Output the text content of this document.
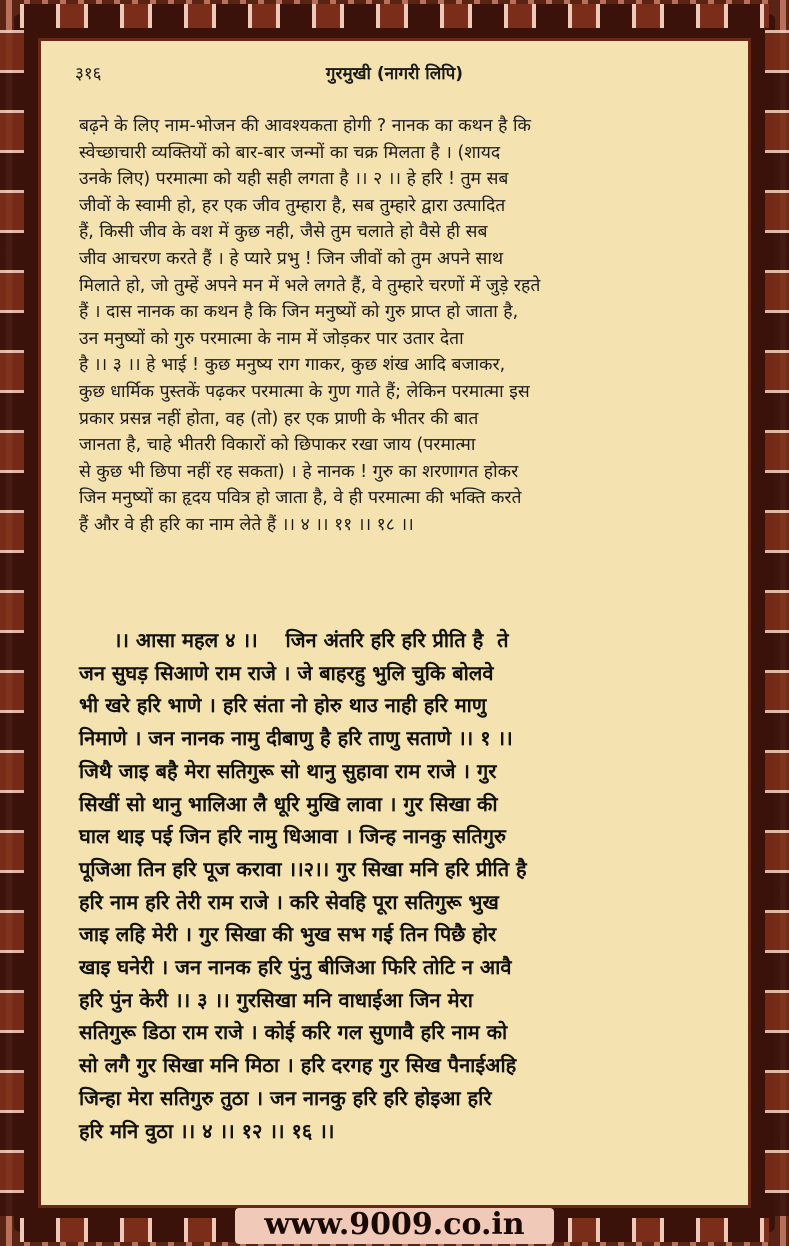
३१६	गुरमुखी (नागरी लिपि)
बढ़ने के लिए नाम-भोजन की आवश्यकता होगी ? नानक का कथन है कि
स्वेच्छाचारी व्यक्तियों को बार-बार जन्मों का चक्र मिलता है । (शायद
उनके लिए) परमात्मा को यही सही लगता है ।। २ ।। हे हरि ! तुम सब
जीवों के स्वामी हो, हर एक जीव तुम्हारा है, सब तुम्हारे द्वारा उत्पादित
हैं, किसी जीव के वश में कुछ नही, जैसे तुम चलाते हो वैसे ही सब
जीव आचरण करते हैं । हे प्यारे प्रभु ! जिन जीवों को तुम अपने साथ
मिलाते हो, जो तुम्हें अपने मन में भले लगते हैं, वे तुम्हारे चरणों में जुड़े रहते
हैं । दास नानक का कथन है कि जिन मनुष्यों को गुरु प्राप्त हो जाता है,
उन मनुष्यों को गुरु परमात्मा के नाम में जोड़कर पार उतार देता
है ।। ३ ।। हे भाई ! कुछ मनुष्य राग गाकर, कुछ शंख आदि बजाकर,
कुछ धार्मिक पुस्तकें पढ़कर परमात्मा के गुण गाते हैं; लेकिन परमात्मा इस
प्रकार प्रसन्न नहीं होता, वह (तो) हर एक प्राणी के भीतर की बात
जानता है, चाहे भीतरी विकारों को छिपाकर रखा जाय (परमात्मा
से कुछ भी छिपा नहीं रह सकता) । हे नानक ! गुरु का शरणागत होकर
जिन मनुष्यों का हृदय पवित्र हो जाता है, वे ही परमात्मा की भक्ति करते
हैं और वे ही हरि का नाम लेते हैं ।। ४ ।। ११ ।। १८ ।।
।। आसा महल ४ ।।    जिन अंतरि हरि हरि प्रीति है  ते
जन सुघड़ सिआणे राम राजे । जे बाहरहु भुलि चुकि बोलवे
भी खरे हरि भाणे । हरि संता नो होरु थाउ नाही हरि माणु
निमाणे । जन नानक नामु दीबाणु है हरि ताणु सताणे ।। १ ।।
जिथै जाइ बहै मेरा सतिगुरू सो थानु सुहावा राम राजे । गुर
सिखीं सो थानु भालिआ लै धूरि मुखि लावा । गुर सिखा की
घाल थाइ पई जिन हरि नामु धिआवा । जिन्ह नानकु सतिगुरु
पूजिआ तिन हरि पूज करावा ।।२।। गुर सिखा मनि हरि प्रीति है
हरि नाम हरि तेरी राम राजे । करि सेवहि पूरा सतिगुरू भुख
जाइ लहि मेरी । गुर सिखा की भुख सभ गई तिन पिछै होर
खाइ घनेरी । जन नानक हरि पुंनु बीजिआ फिरि तोटि न आवै
हरि पुंन केरी ।। ३ ।। गुरसिखा मनि वाधाईआ जिन मेरा
सतिगुरू डिठा राम राजे । कोई करि गल सुणावै हरि नाम को
सो लगै गुर सिखा मनि मिठा । हरि दरगह गुर सिख पैनाईअहि
जिन्हा मेरा सतिगुरु तुठा । जन नानकु हरि हरि होइआ हरि
हरि मनि वुठा ।। ४ ।। १२ ।। १६ ।।
www.9009.co.in
